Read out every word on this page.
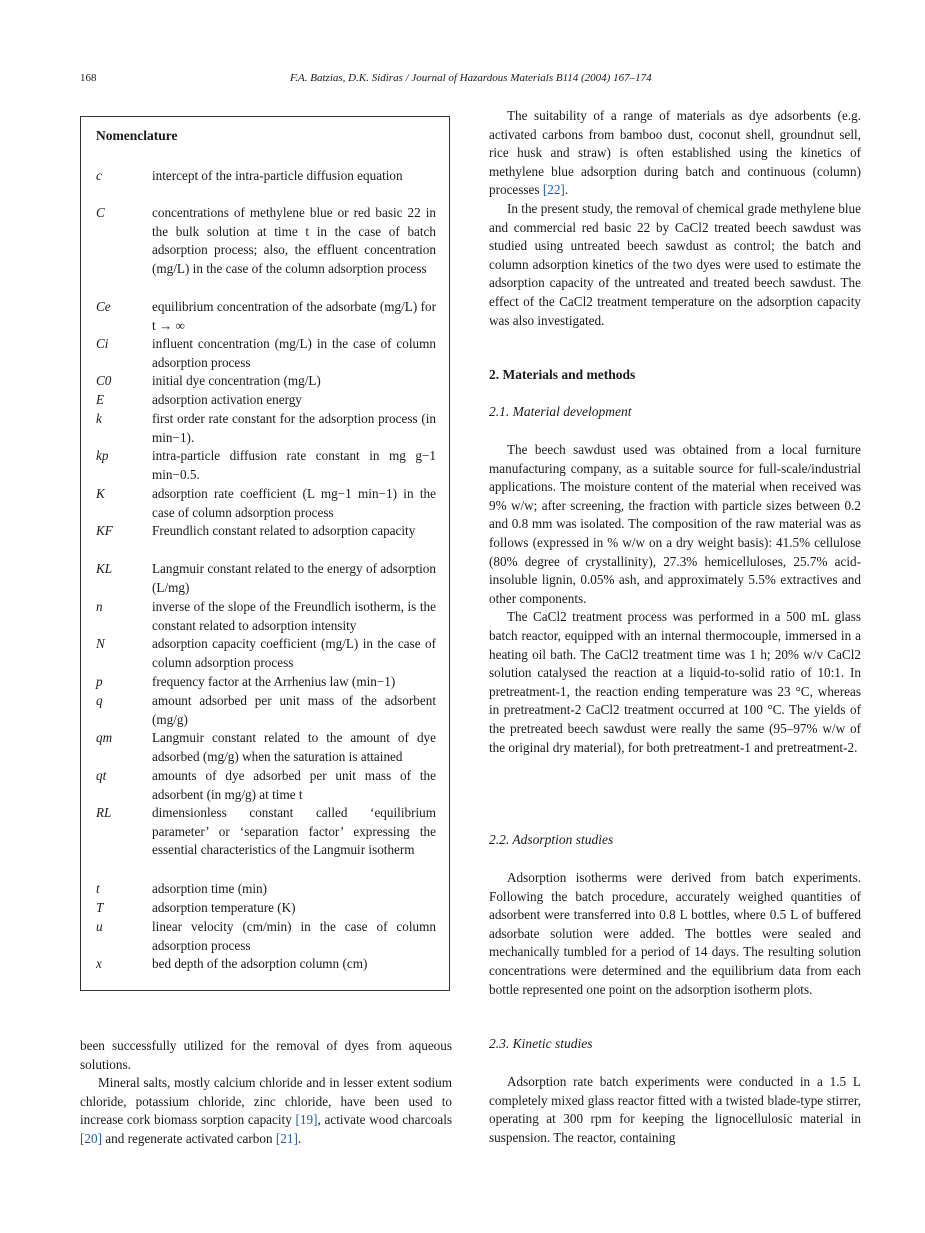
168	F.A. Batzias, D.K. Sidiras / Journal of Hazardous Materials B114 (2004) 167–174
Nomenclature
c	intercept of the intra-particle diffusion equation
C	concentrations of methylene blue or red basic 22 in the bulk solution at time t in the case of batch adsorption process; also, the effluent concentration (mg/L) in the case of the column adsorption process
Ce	equilibrium concentration of the adsorbate (mg/L) for t → ∞
Ci	influent concentration (mg/L) in the case of column adsorption process
C0	initial dye concentration (mg/L)
E	adsorption activation energy
k	first order rate constant for the adsorption process (in min−1).
kp	intra-particle diffusion rate constant in mg g−1 min−0.5.
K	adsorption rate coefficient (L mg−1 min−1) in the case of column adsorption process
KF	Freundlich constant related to adsorption capacity
KL	Langmuir constant related to the energy of adsorption (L/mg)
n	inverse of the slope of the Freundlich isotherm, is the constant related to adsorption intensity
N	adsorption capacity coefficient (mg/L) in the case of column adsorption process
p	frequency factor at the Arrhenius law (min−1)
q	amount adsorbed per unit mass of the adsorbent (mg/g)
qm	Langmuir constant related to the amount of dye adsorbed (mg/g) when the saturation is attained
qt	amounts of dye adsorbed per unit mass of the adsorbent (in mg/g) at time t
RL	dimensionless constant called ‘equilibrium parameter’ or ‘separation factor’ expressing the essential characteristics of the Langmuir isotherm
t	adsorption time (min)
T	adsorption temperature (K)
u	linear velocity (cm/min) in the case of column adsorption process
x	bed depth of the adsorption column (cm)

been successfully utilized for the removal of dyes from aqueous solutions.

Mineral salts, mostly calcium chloride and in lesser extent sodium chloride, potassium chloride, zinc chloride, have been used to increase cork biomass sorption capacity [19], activate wood charcoals [20] and regenerate activated carbon [21].

The suitability of a range of materials as dye adsorbents (e.g. activated carbons from bamboo dust, coconut shell, groundnut sell, rice husk and straw) is often established using the kinetics of methylene blue adsorption during batch and continuous (column) processes [22].

In the present study, the removal of chemical grade methylene blue and commercial red basic 22 by CaCl2 treated beech sawdust was studied using untreated beech sawdust as control; the batch and column adsorption kinetics of the two dyes were used to estimate the adsorption capacity of the untreated and treated beech sawdust. The effect of the CaCl2 treatment temperature on the adsorption capacity was also investigated.

2. Materials and methods
2.1. Material development

The beech sawdust used was obtained from a local furniture manufacturing company, as a suitable source for full-scale/industrial applications. The moisture content of the material when received was 9% w/w; after screening, the fraction with particle sizes between 0.2 and 0.8 mm was isolated. The composition of the raw material was as follows (expressed in % w/w on a dry weight basis): 41.5% cellulose (80% degree of crystallinity), 27.3% hemicelluloses, 25.7% acid-insoluble lignin, 0.05% ash, and approximately 5.5% extractives and other components.

The CaCl2 treatment process was performed in a 500 mL glass batch reactor, equipped with an internal thermocouple, immersed in a heating oil bath. The CaCl2 treatment time was 1 h; 20% w/v CaCl2 solution catalysed the reaction at a liquid-to-solid ratio of 10:1. In pretreatment-1, the reaction ending temperature was 23 °C, whereas in pretreatment-2 CaCl2 treatment occurred at 100 °C. The yields of the pretreated beech sawdust were really the same (95–97% w/w of the original dry material), for both pretreatment-1 and pretreatment-2.

2.2. Adsorption studies

Adsorption isotherms were derived from batch experiments. Following the batch procedure, accurately weighed quantities of adsorbent were transferred into 0.8 L bottles, where 0.5 L of buffered adsorbate solution were added. The bottles were sealed and mechanically tumbled for a period of 14 days. The resulting solution concentrations were determined and the equilibrium data from each bottle represented one point on the adsorption isotherm plots.

2.3. Kinetic studies

Adsorption rate batch experiments were conducted in a 1.5 L completely mixed glass reactor fitted with a twisted blade-type stirrer, operating at 300 rpm for keeping the lignocellulosic material in suspension. The reactor, containing
